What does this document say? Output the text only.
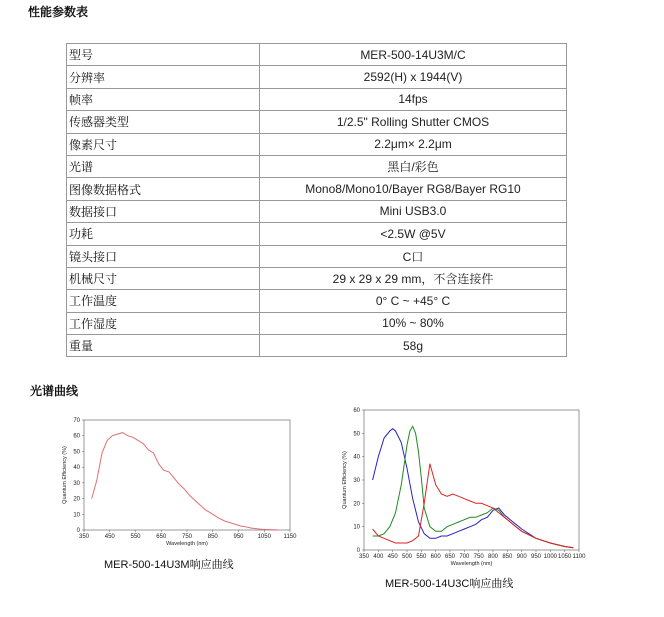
性能参数表
型号	MER-500-14U3M/C
分辨率	2592(H) x 1944(V)
帧率	14fps
传感器类型	1/2.5" Rolling Shutter CMOS
像素尺寸	2.2μm× 2.2μm
光谱	黑白/彩色
图像数据格式	Mono8/Mono10/Bayer RG8/Bayer RG10
数据接口	Mini USB3.0
功耗	<2.5W @5V
镜头接口	C口
机械尺寸	29 x 29 x 29 mm，不含连接件
工作温度	0° C ~ +45° C
工作湿度	10% ~ 80%
重量	58g
光谱曲线
0
10
20
30
40
50
60
70
350	450	550	650	750	850	950 1050 1150
Wavelength (nm)
Quantum Efficiency (%)
MER-500-14U3M响应曲线
0
10
20
30
40
50
60
350 400 450 500 550 600 650 700 750 800 850 900 950 1000 1050 1100
Wavelength (nm)
Quantum Efficiency (%)
MER-500-14U3C响应曲线
